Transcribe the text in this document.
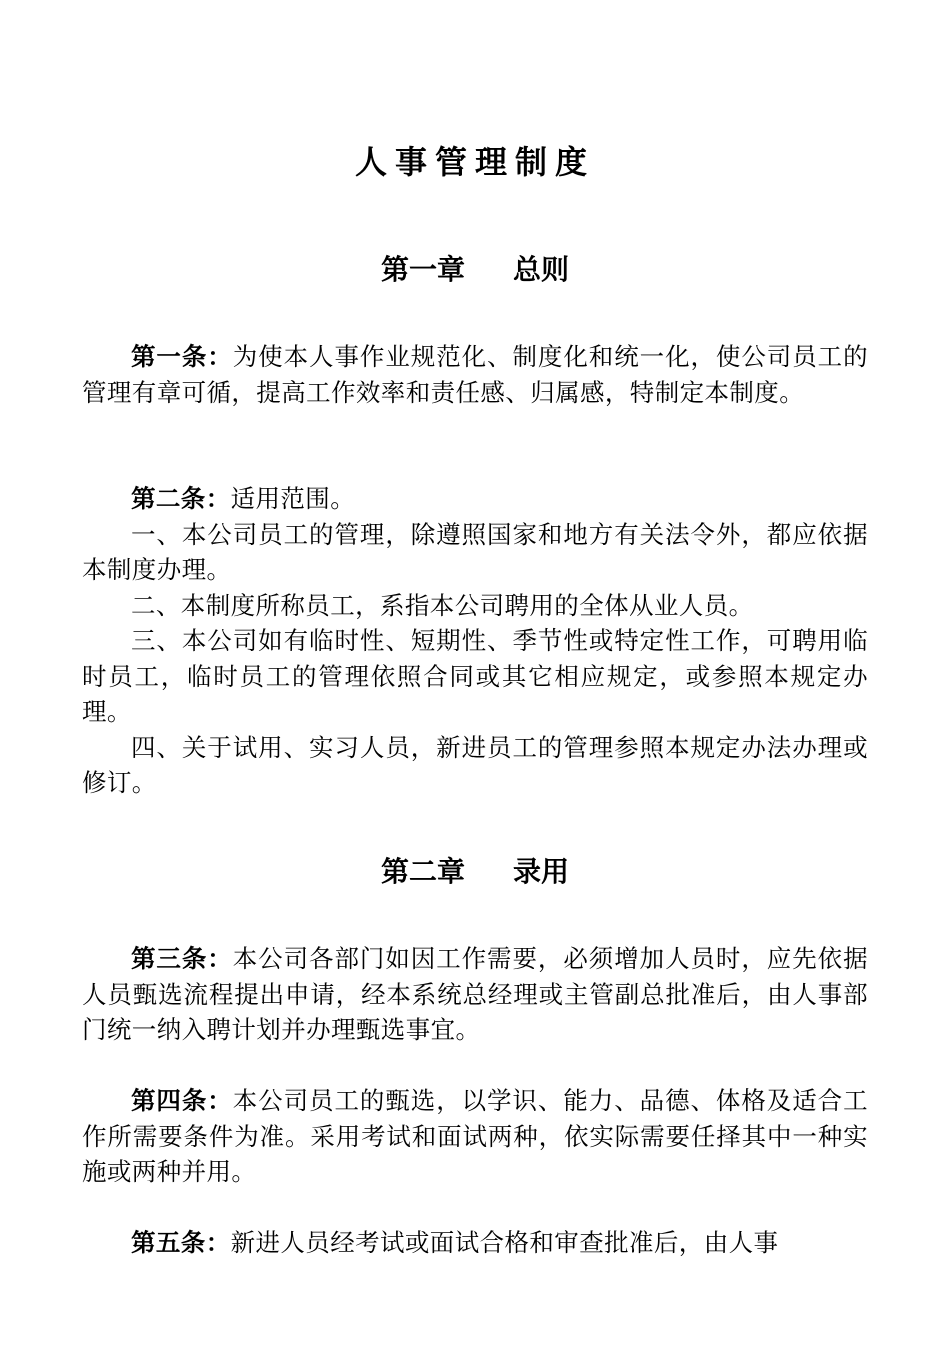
人事管理制度
第一章 总则

第一条：为使本人事作业规范化、制度化和统一化，使公司员工的管理有章可循，提高工作效率和责任感、归属感，特制定本制度。

第二条：适用范围。

一、本公司员工的管理，除遵照国家和地方有关法令外，都应依据本制度办理。

二、本制度所称员工，系指本公司聘用的全体从业人员。

三、本公司如有临时性、短期性、季节性或特定性工作，可聘用临时员工，临时员工的管理依照合同或其它相应规定，或参照本规定办理。

四、关于试用、实习人员，新进员工的管理参照本规定办法办理或修订。

第二章 录用

第三条：本公司各部门如因工作需要，必须增加人员时，应先依据人员甄选流程提出申请，经本系统总经理或主管副总批准后，由人事部门统一纳入聘计划并办理甄选事宜。

第四条：本公司员工的甄选，以学识、能力、品德、体格及适合工作所需要条件为准。采用考试和面试两种，依实际需要任择其中一种实施或两种并用。

第五条：新进人员经考试或面试合格和审查批准后，由人事
